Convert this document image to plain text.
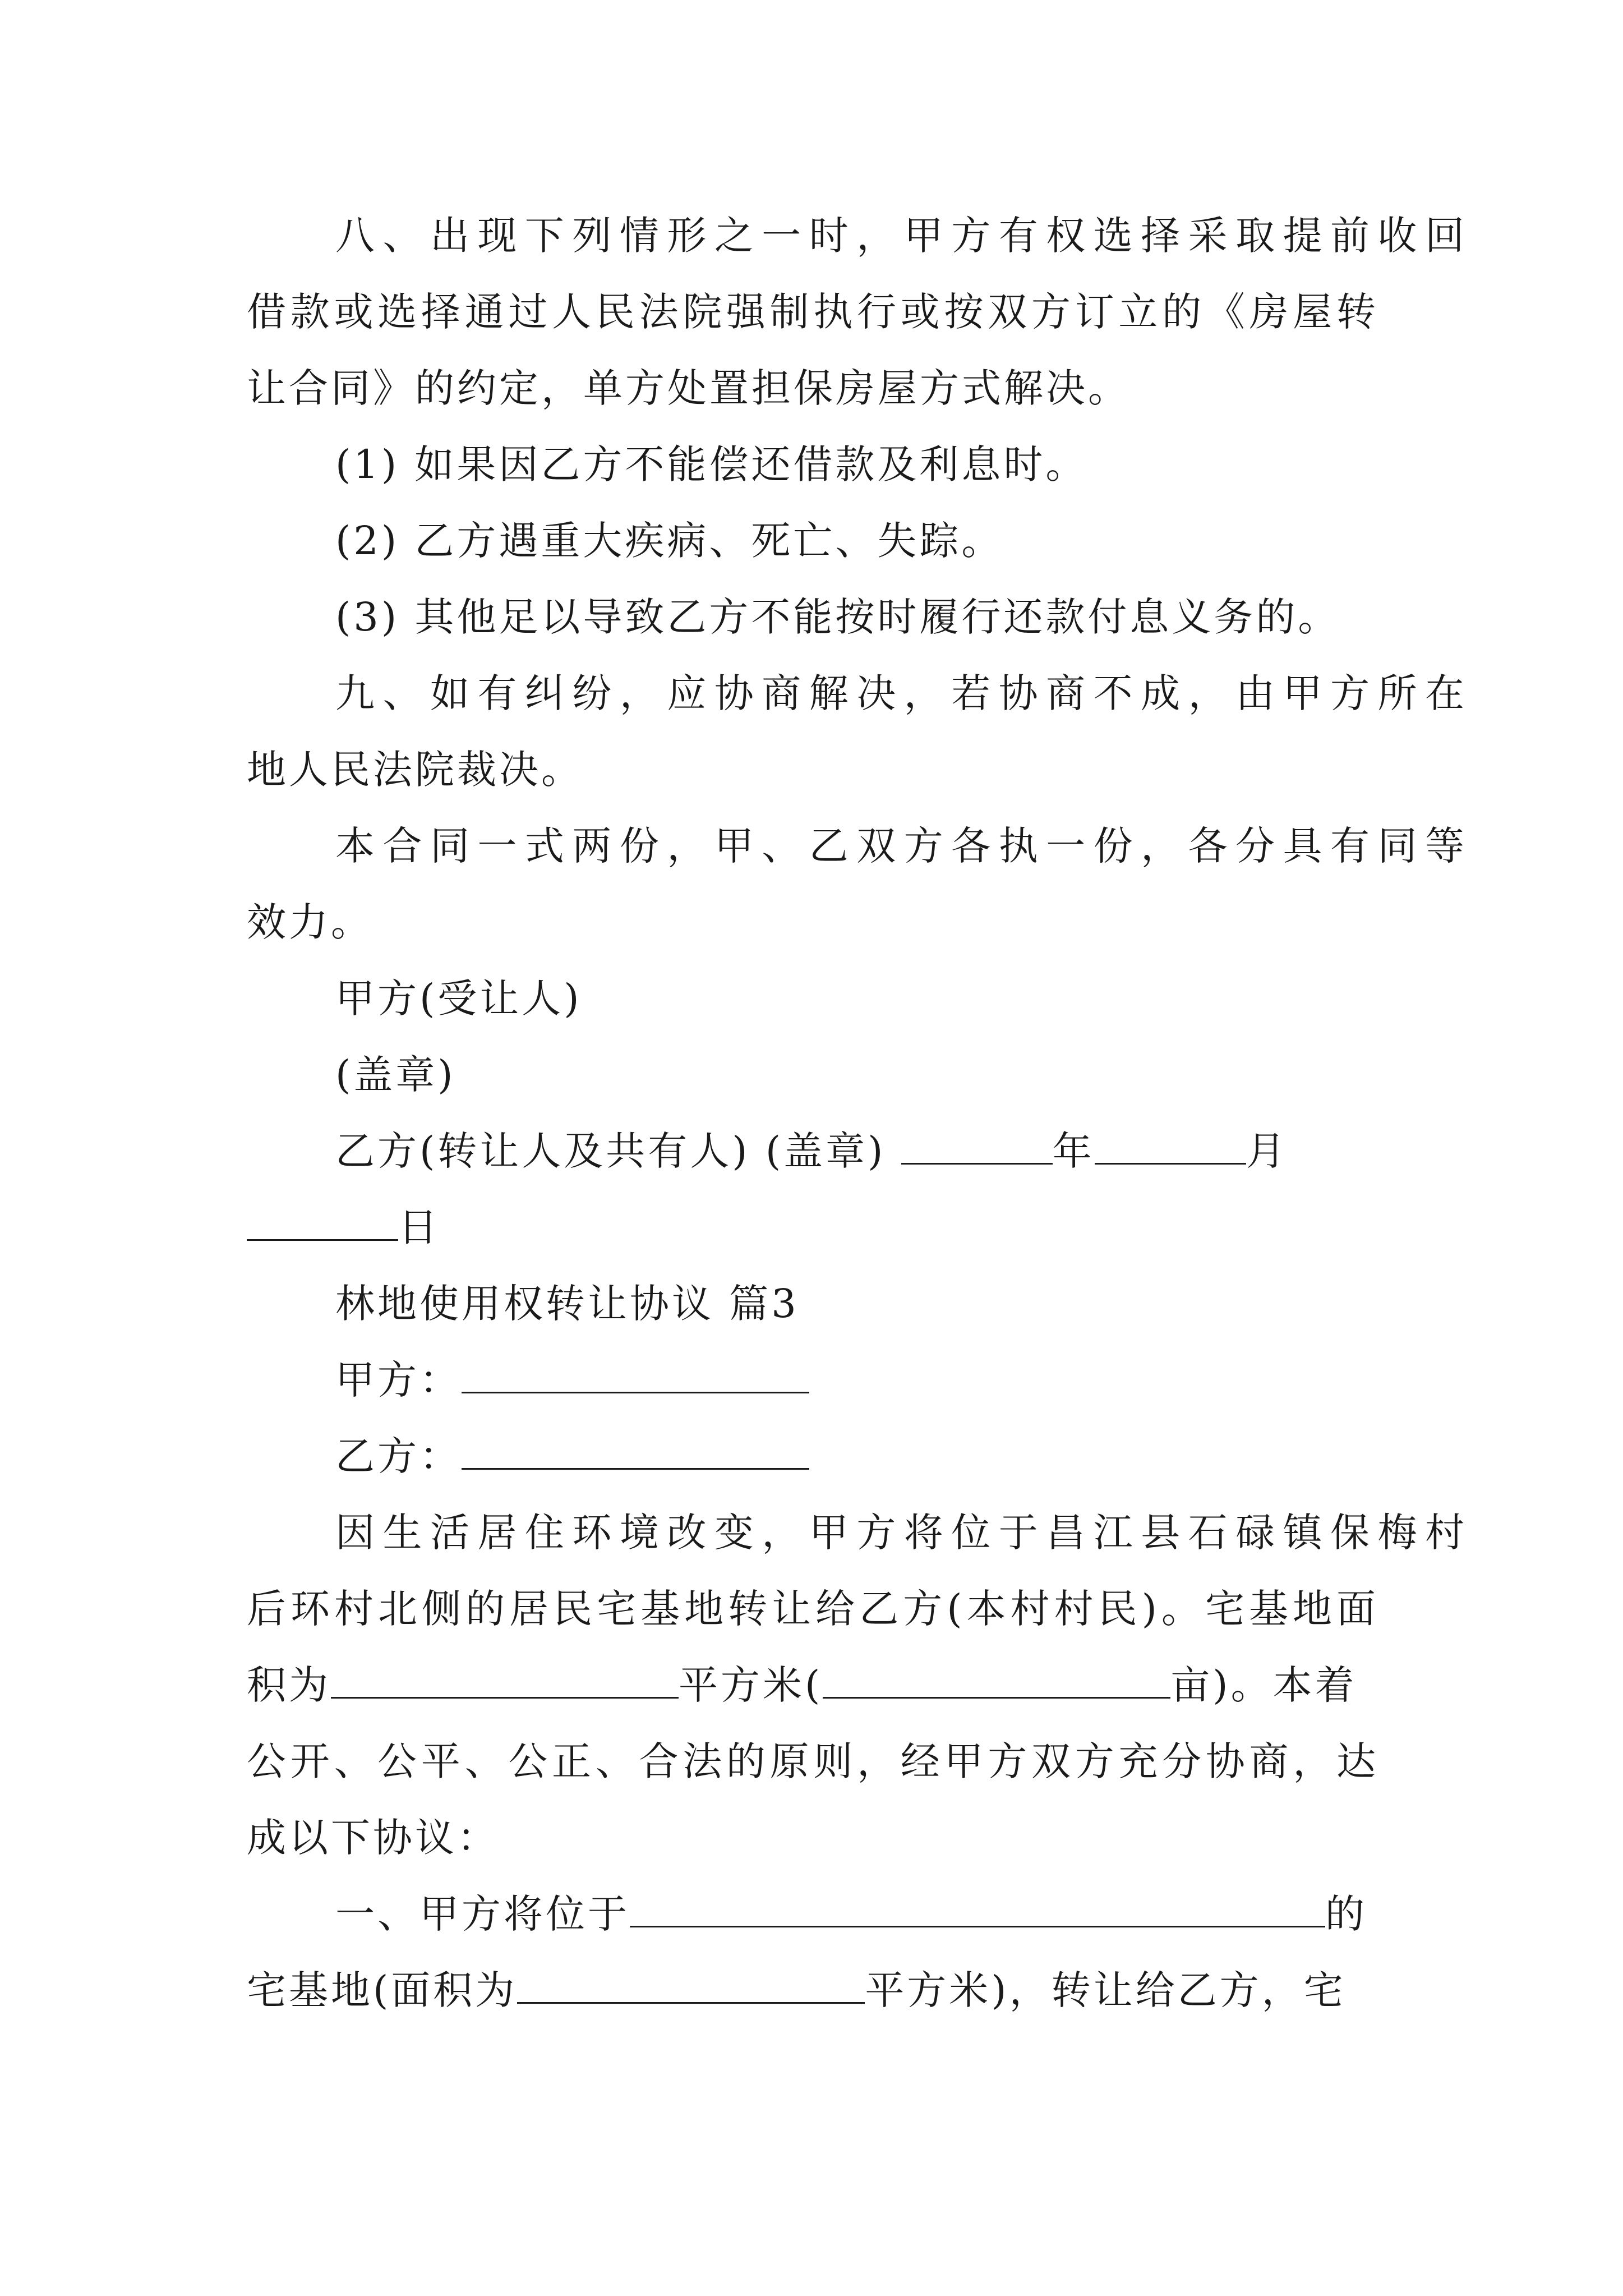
八、出现下列情形之一时，甲方有权选择采取提前收回
借款或选择通过人民法院强制执行或按双方订立的《房屋转
让合同》的约定，单方处置担保房屋方式解决。
(1) 如果因乙方不能偿还借款及利息时。
(2) 乙方遇重大疾病、死亡、失踪。
(3) 其他足以导致乙方不能按时履行还款付息义务的。
九、如有纠纷，应协商解决，若协商不成，由甲方所在
地人民法院裁决。
本合同一式两份，甲、乙双方各执一份，各分具有同等
效力。
甲方(受让人)
(盖章)
乙方(转让人及共有人) (盖章)	年	月
日
林地使用权转让协议 篇3
甲方：
乙方：
因生活居住环境改变，甲方将位于昌江县石碌镇保梅村
后环村北侧的居民宅基地转让给乙方(本村村民)。宅基地面
积为	平方米(	亩)。本着
公开、公平、公正、合法的原则，经甲方双方充分协商，达
成以下协议：
一、甲方将位于	的
宅基地(面积为	平方米)，转让给乙方，宅
